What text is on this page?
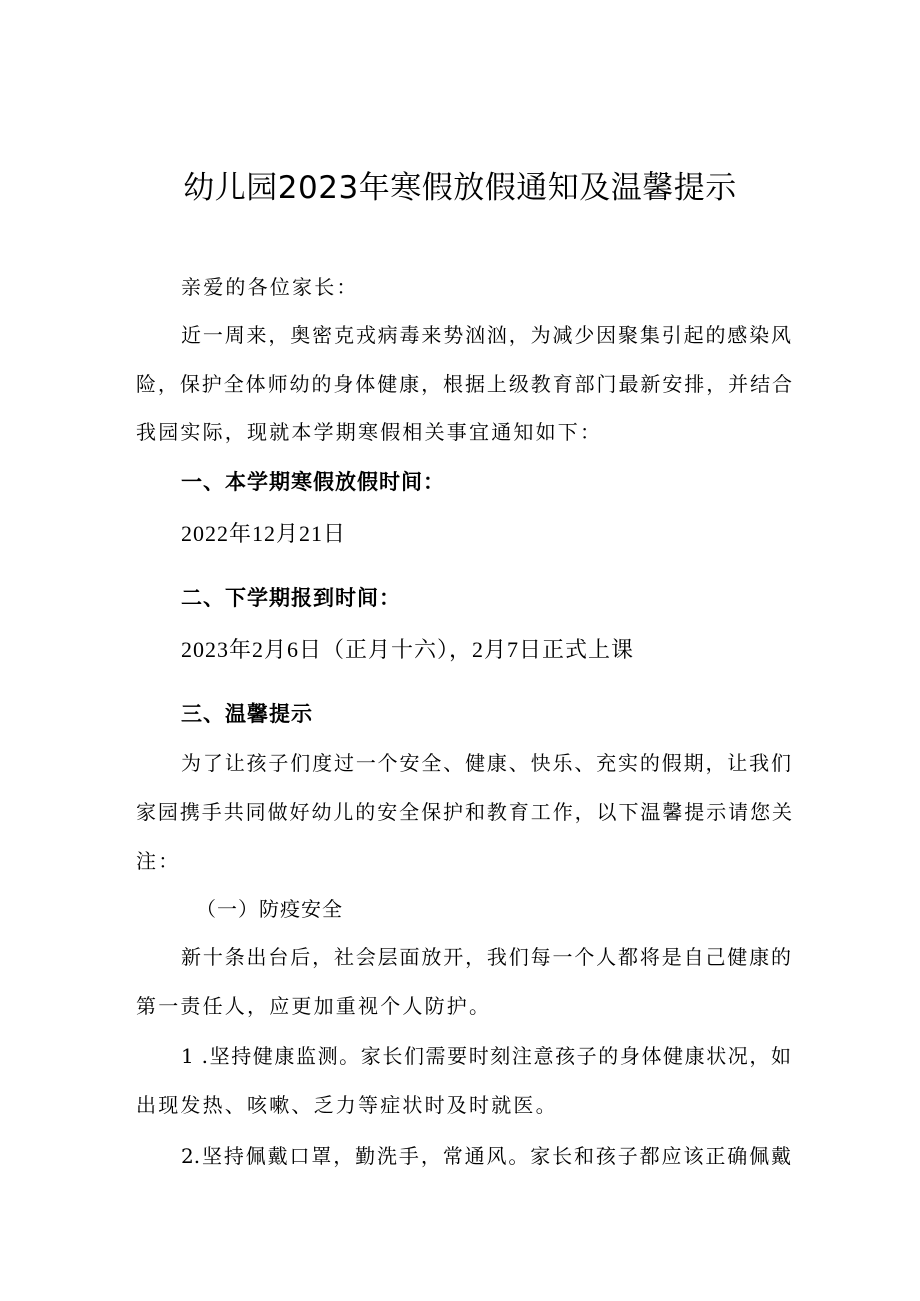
幼儿园2023年寒假放假通知及温馨提示
亲爱的各位家长：
近一周来，奥密克戎病毒来势汹汹，为减少因聚集引起的感染风
险，保护全体师幼的身体健康，根据上级教育部门最新安排，并结合
我园实际，现就本学期寒假相关事宜通知如下：
一、本学期寒假放假时间：
2022年12月21日
二、下学期报到时间：
2023年2月6日（正月十六），2月7日正式上课
三、温馨提示
为了让孩子们度过一个安全、健康、快乐、充实的假期，让我们
家园携手共同做好幼儿的安全保护和教育工作，以下温馨提示请您关
注：
（一）防疫安全
新十条出台后，社会层面放开，我们每一个人都将是自己健康的
第一责任人，应更加重视个人防护。
1 .坚持健康监测。家长们需要时刻注意孩子的身体健康状况，如
出现发热、咳嗽、乏力等症状时及时就医。
2.坚持佩戴口罩，勤洗手，常通风。家长和孩子都应该正确佩戴
